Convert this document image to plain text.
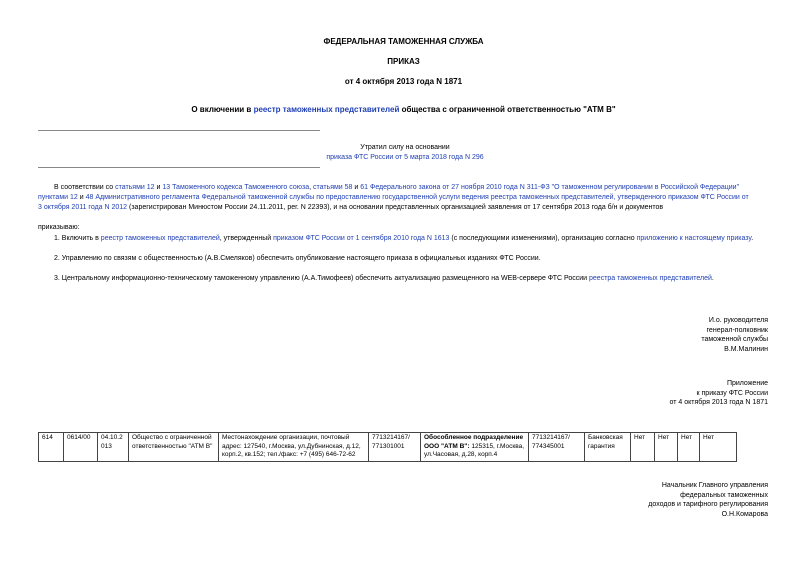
ФЕДЕРАЛЬНАЯ ТАМОЖЕННАЯ СЛУЖБА
ПРИКАЗ
от 4 октября 2013 года N 1871
О включении в реестр таможенных представителей общества с ограниченной ответственностью "АТМ В"
Утратил силу на основании
приказа ФТС России от 5 марта 2018 года N 296
В соответствии со статьями 12 и 13 Таможенного кодекса Таможенного союза, статьями 58 и 61 Федерального закона от 27 ноября 2010 года N 311-ФЗ "О таможенном регулировании в Российской Федерации"
пунктами 12 и 48 Административного регламента Федеральной таможенной службы по предоставлению государственной услуги ведения реестра таможенных представителей, утвержденного приказом ФТС России от
3 октября 2011 года N 2012 (зарегистрирован Минюстом России 24.11.2011, рег. N 22393), и на основании представленных организацией заявления от 17 сентября 2013 года б/н и документов
приказываю:
1. Включить в реестр таможенных представителей, утвержденный приказом ФТС России от 1 сентября 2010 года N 1613 (с последующими изменениями), организацию согласно приложению к настоящему приказу.
2. Управлению по связям с общественностью (А.В.Смеляков) обеспечить опубликование настоящего приказа в официальных изданиях ФТС России.
3. Центральному информационно-техническому таможенному управлению (А.А.Тимофеев) обеспечить актуализацию размещенного на WEB-сервере ФТС России реестра таможенных представителей.
И.о. руководителя
генерал-полковник
таможенной службы
В.М.Малинин
Приложение
к приказу ФТС России
от 4 октября 2013 года N 1871
614	0614/00	04.10.2013	Общество с ограниченной ответственностью "АТМ В"	Местонахождение организации, почтовый адрес: 127540, г.Москва, ул.Дубнинская, д.12, корп.2, кв.152; тел./факс: +7 (495) 646-72-62	7713214167/ 771301001	Обособленное подразделение ООО "АТМ В": 125315, г.Москва, ул.Часовая, д.28, корп.4	7713214167/ 774345001	Банковская гарантия	Нет	Нет	Нет	Нет
Начальник Главного управления
федеральных таможенных
доходов и тарифного регулирования
О.Н.Комарова
